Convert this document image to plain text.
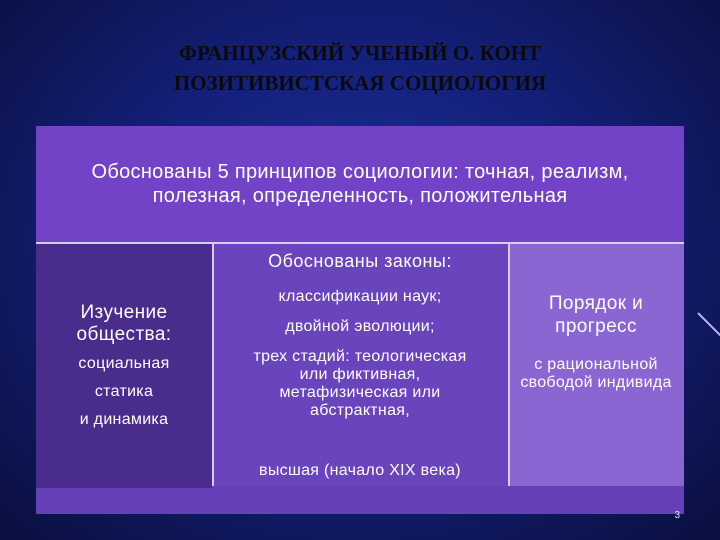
ФРАНЦУЗСКИЙ УЧЕНЫЙ О. КОНТ
ПОЗИТИВИСТСКАЯ СОЦИОЛОГИЯ
Обоснованы 5 принципов социологии: точная, реализм, полезная, определенность, положительная
Изучение общества:
социальная
статика
и динамика
Обоснованы законы:
классификации наук;
двойной эволюции;
трех стадий: теологическая или фиктивная, метафизическая или абстрактная,
высшая (начало XIX века)
Порядок и прогресс
с рациональной свободой индивида
3
